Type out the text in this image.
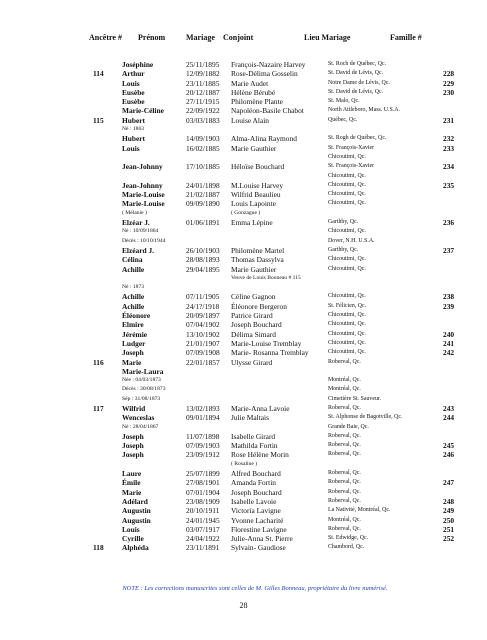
Ancêtre # Prénom	Mariage Conjoint	Lieu Mariage	Famille #
Joséphine	25/11/1895 François-Nazaire Harvey	St. Roch de Québec, Qc.
114 Arthur	12/09/1882 Rose-Délima Gosselin	St. David de Lévis, Qc.	228
Louis	23/11/1885 Marie Audet	Notre Dame de Lévis, Qc.	229
Eusèbe	20/12/1887 Hélène Bérubé	St. David de Lévis, Qc.	230
Eusèbe	27/11/1915 Philomène Plante	St. Malo, Qc.
Marie-Céline	22/09/1922 Napoléon-Basile Chabot	North Attleboro, Mass. U.S.A.
115 Hubert	03/03/1883 Louise Alain	Québec, Qc.	231
Né : 1863
Hubert	14/09/1903 Alma-Alina Raymond	St. Rogh de Québec, Qc.	232
Louis	16/02/1885 Marie Gauthier	St. François-Xavier	233
Chicoutimi, Qc.
Jean-Johnny	17/10/1885 Héloïse Bouchard	St. François-Xavier	234
Chicoutimi, Qc.
Jean-Johnny	24/01/1898 M.Louise Harvey	Chicoutimi, Qc.	235
Marie-Louise	21/02/1887 Wilfrid Beaulieu	Chicoutimi, Qc.
Marie-Louise	09/09/1890 Louis Lapointe	Chicoutimi, Qc.
( Mélanie )	( Gonzague )
Elzéar J.	01/06/1891 Emma Lépine	Garthby, Qc.	236
Né : 10/09/1864	Chicoutimi, Qc.
Décès : 10/10/1944	Dover, N.H. U.S.A.
Elzéard J.	26/10/1903 Philomène Martel	Garthby, Qc.	237
Célina	28/08/1893 Thomas Dassylva	Chicoutimi, Qc.
Achille	29/04/1895 Marie Gauthier	Chicoutimi, Qc.
Veuve de Louis Bonneau # 115
Né : 1873
Achille	07/11/1905 Céline Gagnon	Chicoutimi, Qc.	238
Achille	24/1?/1918 Éléonore Bergeron	St. Félicien, Qc.	239
Éléonore	20/09/1897 Patrice Girard	Chicoutimi, Qc.
Elmire	07/04/1902 Joseph Bouchard	Chicoutimi, Qc.
Jérémie	13/10/1902 Délima Simard	Chicoutimi, Qc.	240
Ludger	21/01/1907 Marie-Louise Tremblay	Chicoutimi, Qc.	241
Joseph	07/09/1908 Marie- Rosanna Tremblay	Chicoutimi, Qc.	242
116 Marie	22/01/1857 Ulysse Girard	Roberval, Qc.
Marie-Laura
Née : 04/03/1873	Montréal, Qc.
Décès : 30/08/1873	Montréal, Qc.
Sép : 31/08/1873	Cimetière St. Sauveur.
117 Wilfrid	13/02/1893 Marie-Anna Lavoie	Roberval, Qc.	243
Wenceslas	09/01/1894 Julie Maltais	St. Alphonse de Bagotville, Qc.	244
Né : 28/04/1867	Grande Baie, Qc.
Joseph	11/07/1898 Isabelle Girard	Roberval, Qc.
Joseph	07/09/1903 Mathilda Fortin	Roberval, Qc.	245
Joseph	23/09/1912 Rose Hélène Morin	Roberval, Qc.	246
( Rosaline )
Laure	25/07/1899 Alfred Bouchard	Roberval, Qc.
Émile	27/08/1901 Amanda Fortin	Roberval, Qc.	247
Marie	07/01/1904 Joseph Bouchard	Roberval, Qc.
Adélard	23/08/1909 Isabelle Lavoie	Roberval, Qc.	248
Augustin	20/10/1911 Victoria Lavigne	La Nativité, Montréal, Qc.	249
Augustin	24/01/1945 Yvonne Lacharité	Montréal, Qc.	250
Louis	03/07/1917 Florestine Lavigne	Roberval, Qc.	251
Cyrille	24/04/1922 Julie-Anna St. Pierre	St. Edwidge, Qc.	252
118 Alphéda	23/11/1891 Sylvain- Gaudiose	Chambord, Qc.
NOTE : Les corrections manuscrites sont celles de M. Gilles Bonneau, propriétaire du livre numérisé.
28
